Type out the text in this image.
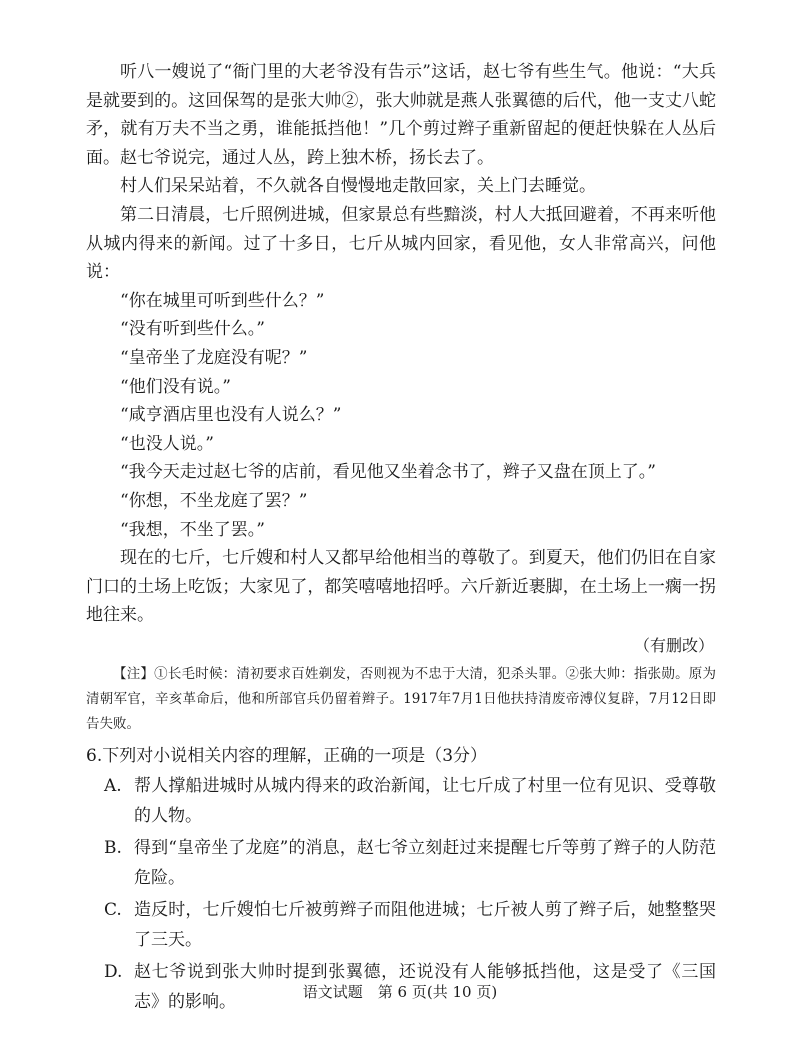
听八一嫂说了“衙门里的大老爷没有告示”这话，赵七爷有些生气。他说：“大兵是就要到的。这回保驾的是张大帅②，张大帅就是燕人张翼德的后代，他一支丈八蛇矛，就有万夫不当之勇，谁能抵挡他！”几个剪过辫子重新留起的便赶快躲在人丛后面。赵七爷说完，通过人丛，跨上独木桥，扬长去了。

村人们呆呆站着，不久就各自慢慢地走散回家，关上门去睡觉。

第二日清晨，七斤照例进城，但家景总有些黯淡，村人大抵回避着，不再来听他从城内得来的新闻。过了十多日，七斤从城内回家，看见他，女人非常高兴，问他说：

“你在城里可听到些什么？”

“没有听到些什么。”

“皇帝坐了龙庭没有呢？”

“他们没有说。”

“咸亨酒店里也没有人说么？”

“也没人说。”

“我今天走过赵七爷的店前，看见他又坐着念书了，辫子又盘在顶上了。”

“你想，不坐龙庭了罢？”

“我想，不坐了罢。”

现在的七斤，七斤嫂和村人又都早给他相当的尊敬了。到夏天，他们仍旧在自家门口的土场上吃饭；大家见了，都笑嘻嘻地招呼。六斤新近裹脚，在土场上一瘸一拐地往来。

（有删改）

【注】①长毛时候：清初要求百姓剃发，否则视为不忠于大清，犯杀头罪。②张大帅：指张勋。原为清朝军官，辛亥革命后，他和所部官兵仍留着辫子。1917年7月1日他扶持清废帝溥仪复辟，7月12日即告失败。

6.下列对小说相关内容的理解，正确的一项是（3分）

A. 帮人撑船进城时从城内得来的政治新闻，让七斤成了村里一位有见识、受尊敬的人物。
B. 得到“皇帝坐了龙庭”的消息，赵七爷立刻赶过来提醒七斤等剪了辫子的人防范危险。
C. 造反时，七斤嫂怕七斤被剪辫子而阻他进城；七斤被人剪了辫子后，她整整哭了三天。
D. 赵七爷说到张大帅时提到张翼德，还说没有人能够抵挡他，这是受了《三国志》的影响。	语文试题　第 6 页(共 10 页)
